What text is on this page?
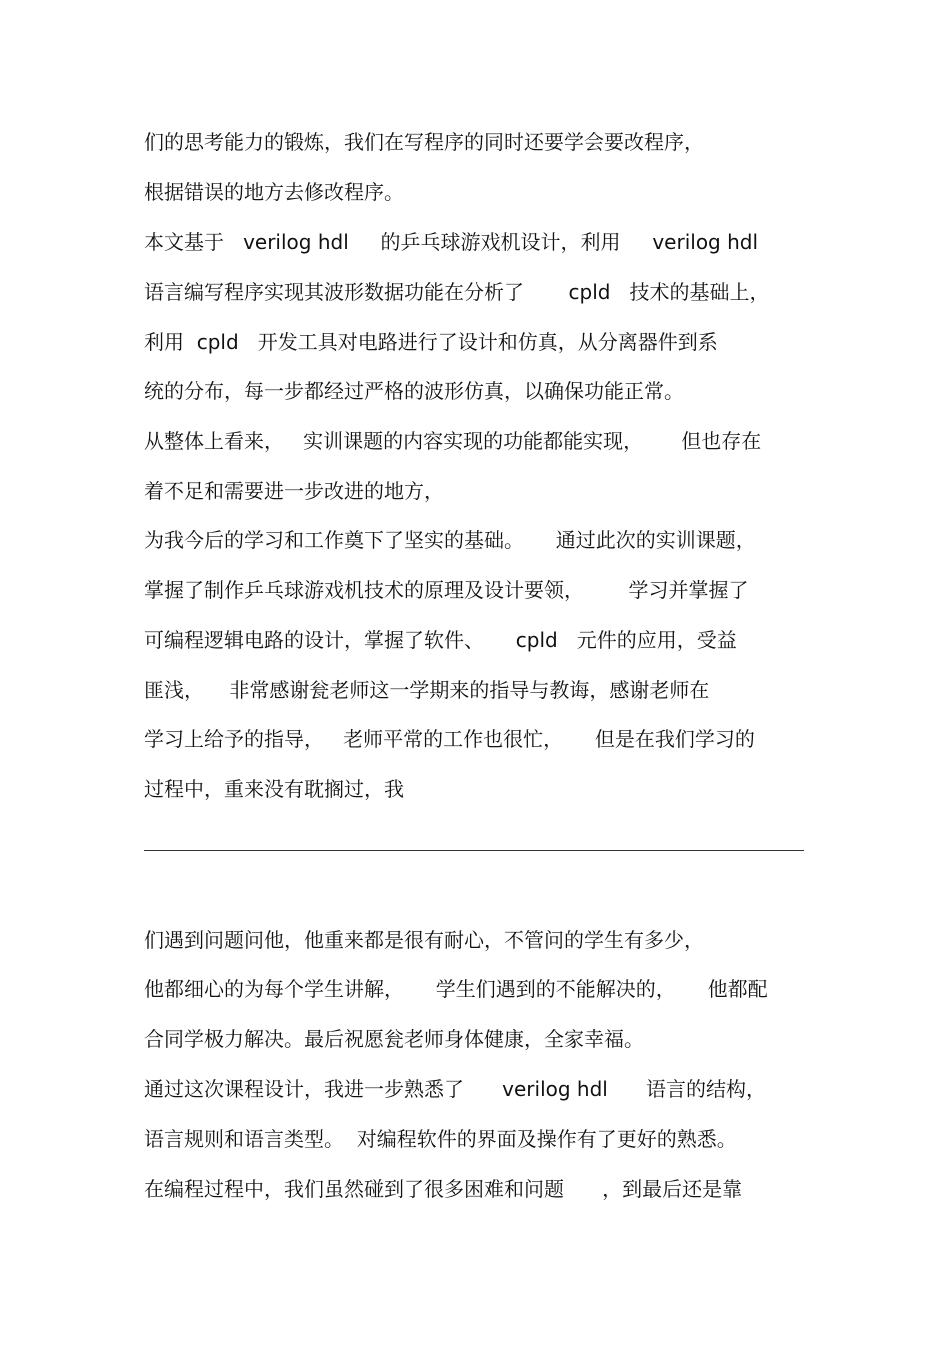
们的思考能力的锻炼，我们在写程序的同时还要学会要改程序，
根据错误的地方去修改程序。
本文基于   verilog hdl     的乒乓球游戏机设计，利用     verilog hdl
语言编写程序实现其波形数据功能在分析了       cpld   技术的基础上，
利用  cpld   开发工具对电路进行了设计和仿真，从分离器件到系
统的分布，每一步都经过严格的波形仿真，以确保功能正常。
从整体上看来，   实训课题的内容实现的功能都能实现，      但也存在
着不足和需要进一步改进的地方，
为我今后的学习和工作奠下了坚实的基础。     通过此次的实训课题，
掌握了制作乒乓球游戏机技术的原理及设计要领，       学习并掌握了
可编程逻辑电路的设计，掌握了软件、     cpld   元件的应用，受益
匪浅，    非常感谢瓮老师这一学期来的指导与教诲，感谢老师在
学习上给予的指导，   老师平常的工作也很忙，     但是在我们学习的
过程中，重来没有耽搁过，我
们遇到问题问他，他重来都是很有耐心，不管问的学生有多少，
他都细心的为每个学生讲解，     学生们遇到的不能解决的，     他都配
合同学极力解决。最后祝愿瓮老师身体健康，全家幸福。
通过这次课程设计，我进一步熟悉了      verilog hdl      语言的结构，
语言规则和语言类型。  对编程软件的界面及操作有了更好的熟悉。
在编程过程中，我们虽然碰到了很多困难和问题      ，到最后还是靠
